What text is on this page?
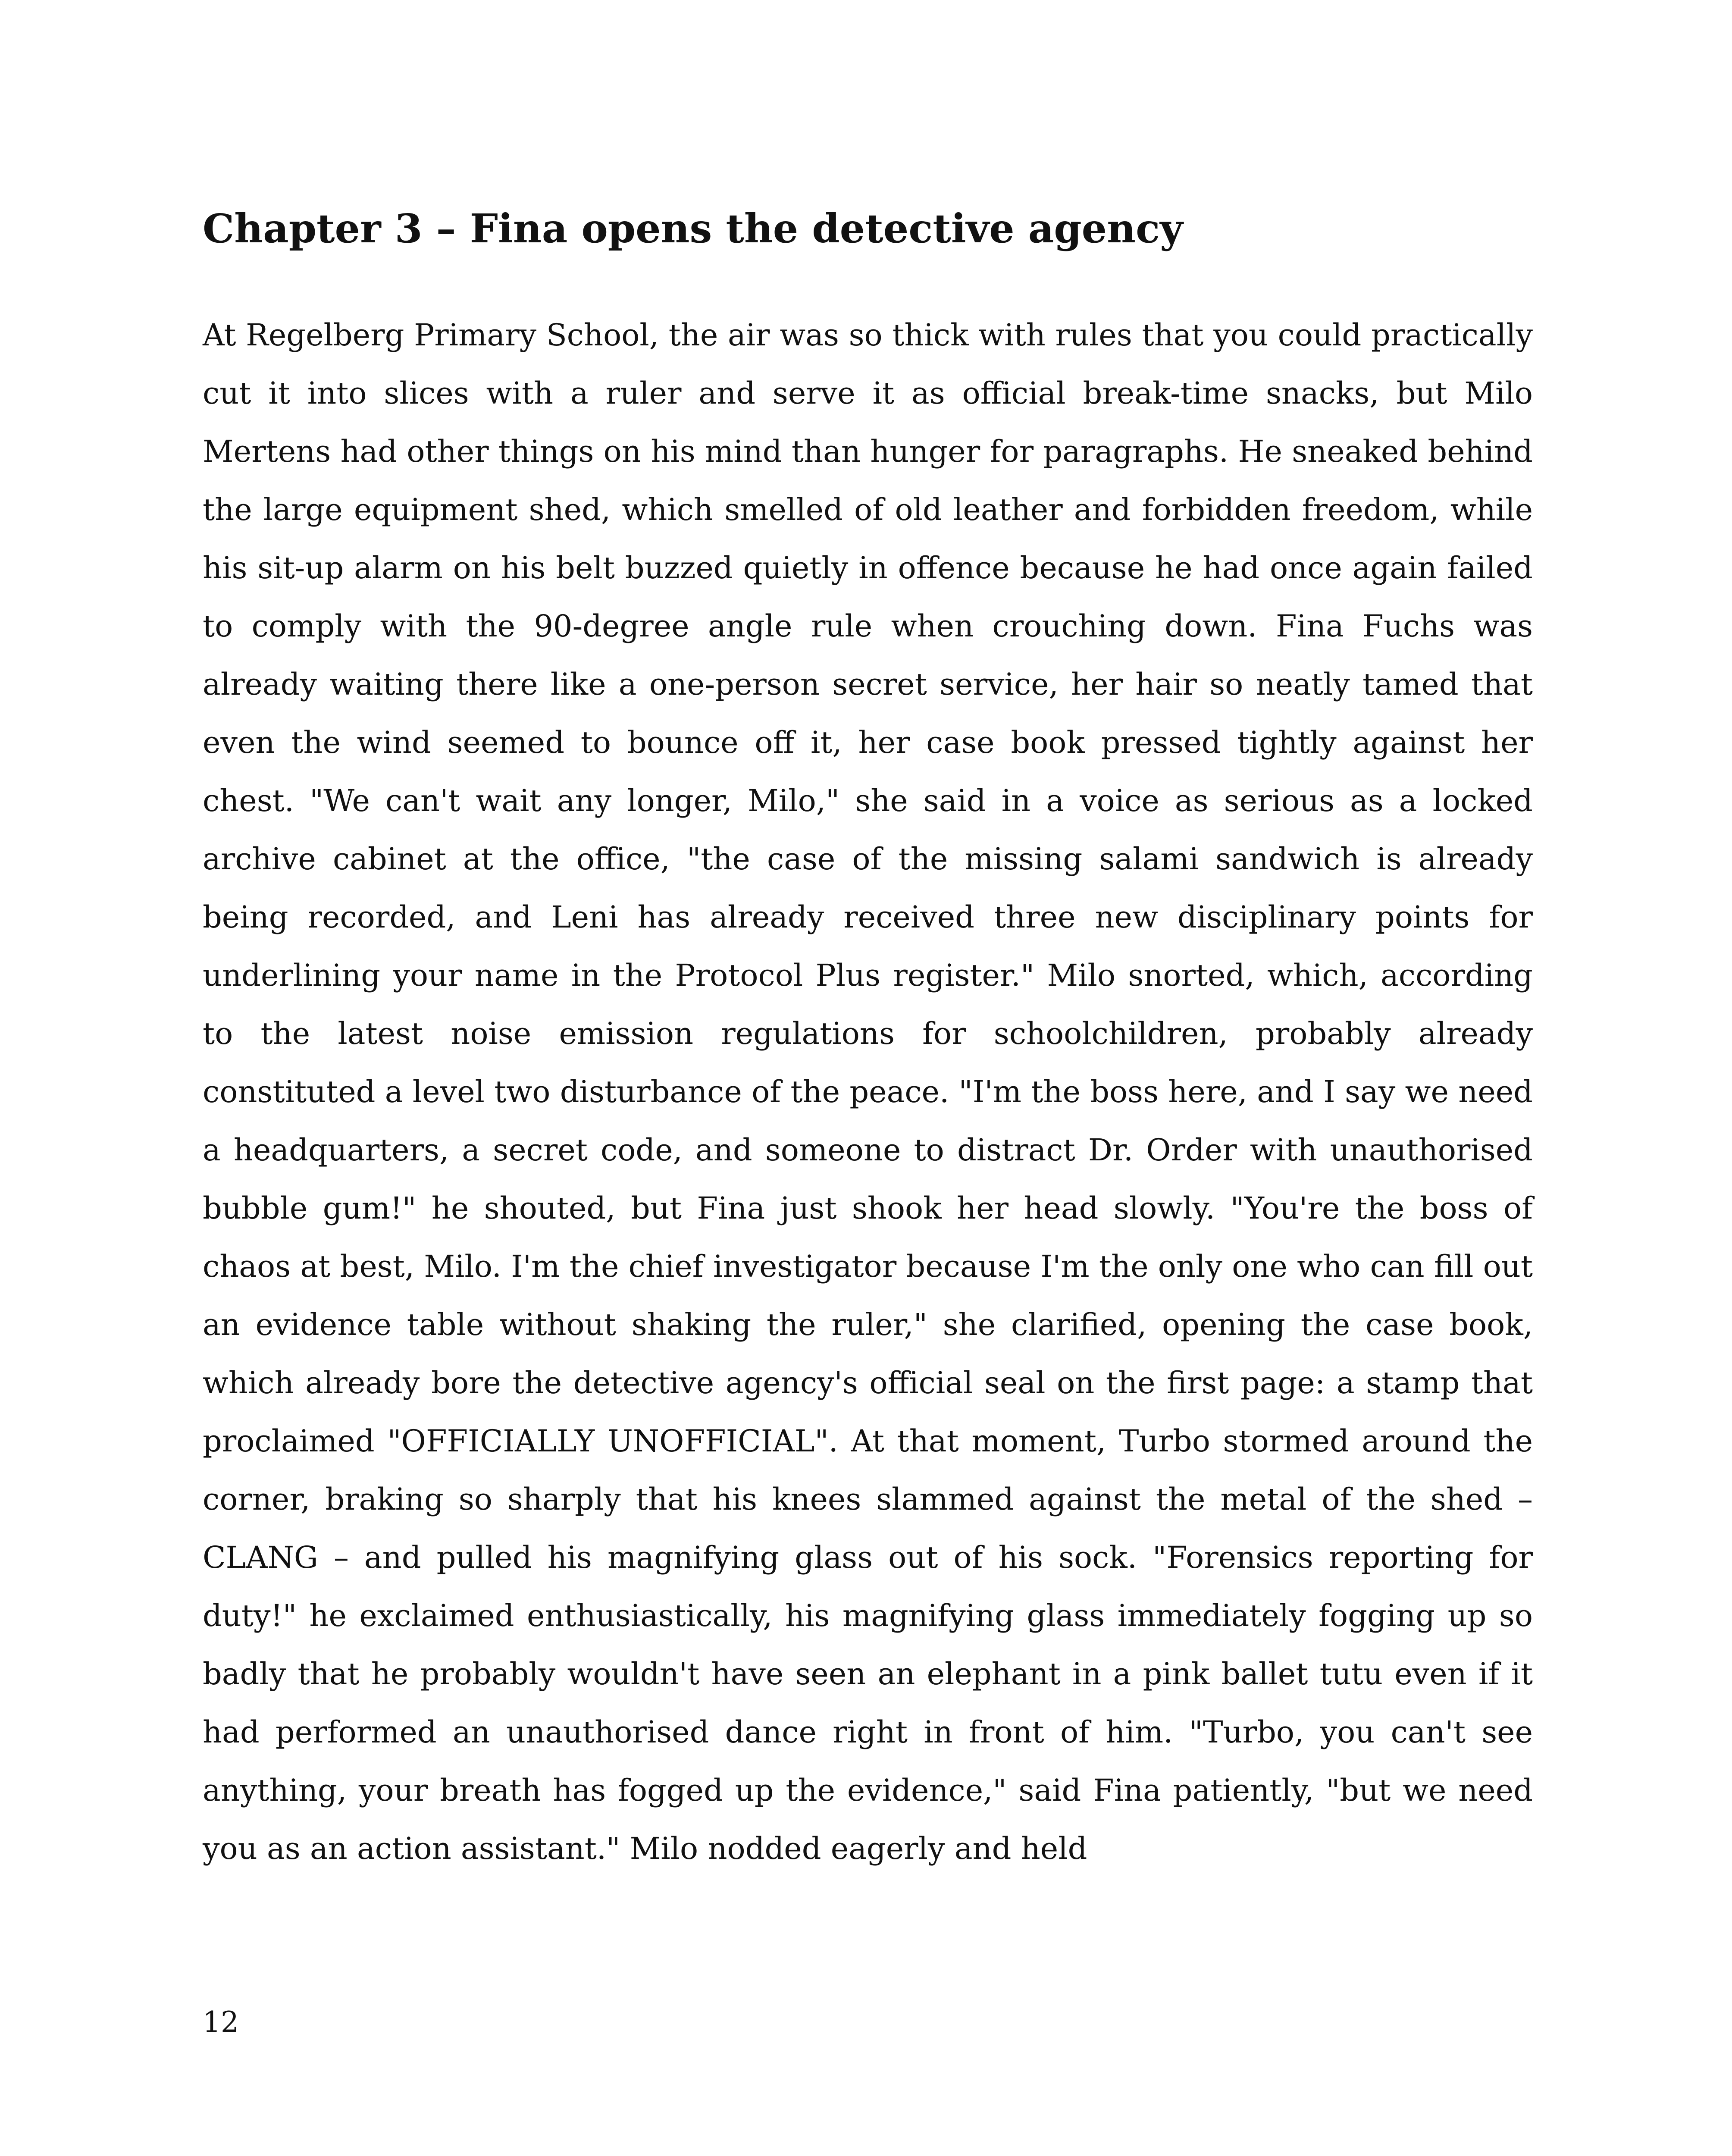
Chapter 3 – Fina opens the detective agency

At Regelberg Primary School, the air was so thick with rules that you could practically cut it into slices with a ruler and serve it as official break-time snacks, but Milo Mertens had other things on his mind than hunger for paragraphs. He sneaked behind the large equipment shed, which smelled of old leather and forbidden freedom, while his sit-up alarm on his belt buzzed quietly in offence because he had once again failed to comply with the 90-degree angle rule when crouching down. Fina Fuchs was already waiting there like a one-person secret service, her hair so neatly tamed that even the wind seemed to bounce off it, her case book pressed tightly against her chest. "We can't wait any longer, Milo," she said in a voice as serious as a locked archive cabinet at the office, "the case of the missing salami sandwich is already being recorded, and Leni has already received three new disciplinary points for underlining your name in the Protocol Plus register." Milo snorted, which, according to the latest noise emission regulations for schoolchildren, probably already constituted a level two disturbance of the peace. "I'm the boss here, and I say we need a headquarters, a secret code, and someone to distract Dr. Order with unauthorised bubble gum!" he shouted, but Fina just shook her head slowly. "You're the boss of chaos at best, Milo. I'm the chief investigator because I'm the only one who can fill out an evidence table without shaking the ruler," she clarified, opening the case book, which already bore the detective agency's official seal on the first page: a stamp that proclaimed "OFFICIALLY UNOFFICIAL". At that moment, Turbo stormed around the corner, braking so sharply that his knees slammed against the metal of the shed – CLANG – and pulled his magnifying glass out of his sock. "Forensics reporting for duty!" he exclaimed enthusiastically, his magnifying glass immediately fogging up so badly that he probably wouldn't have seen an elephant in a pink ballet tutu even if it had performed an unauthorised dance right in front of him. "Turbo, you can't see anything, your breath has fogged up the evidence," said Fina patiently, "but we need you as an action assistant." Milo nodded eagerly and held

12
